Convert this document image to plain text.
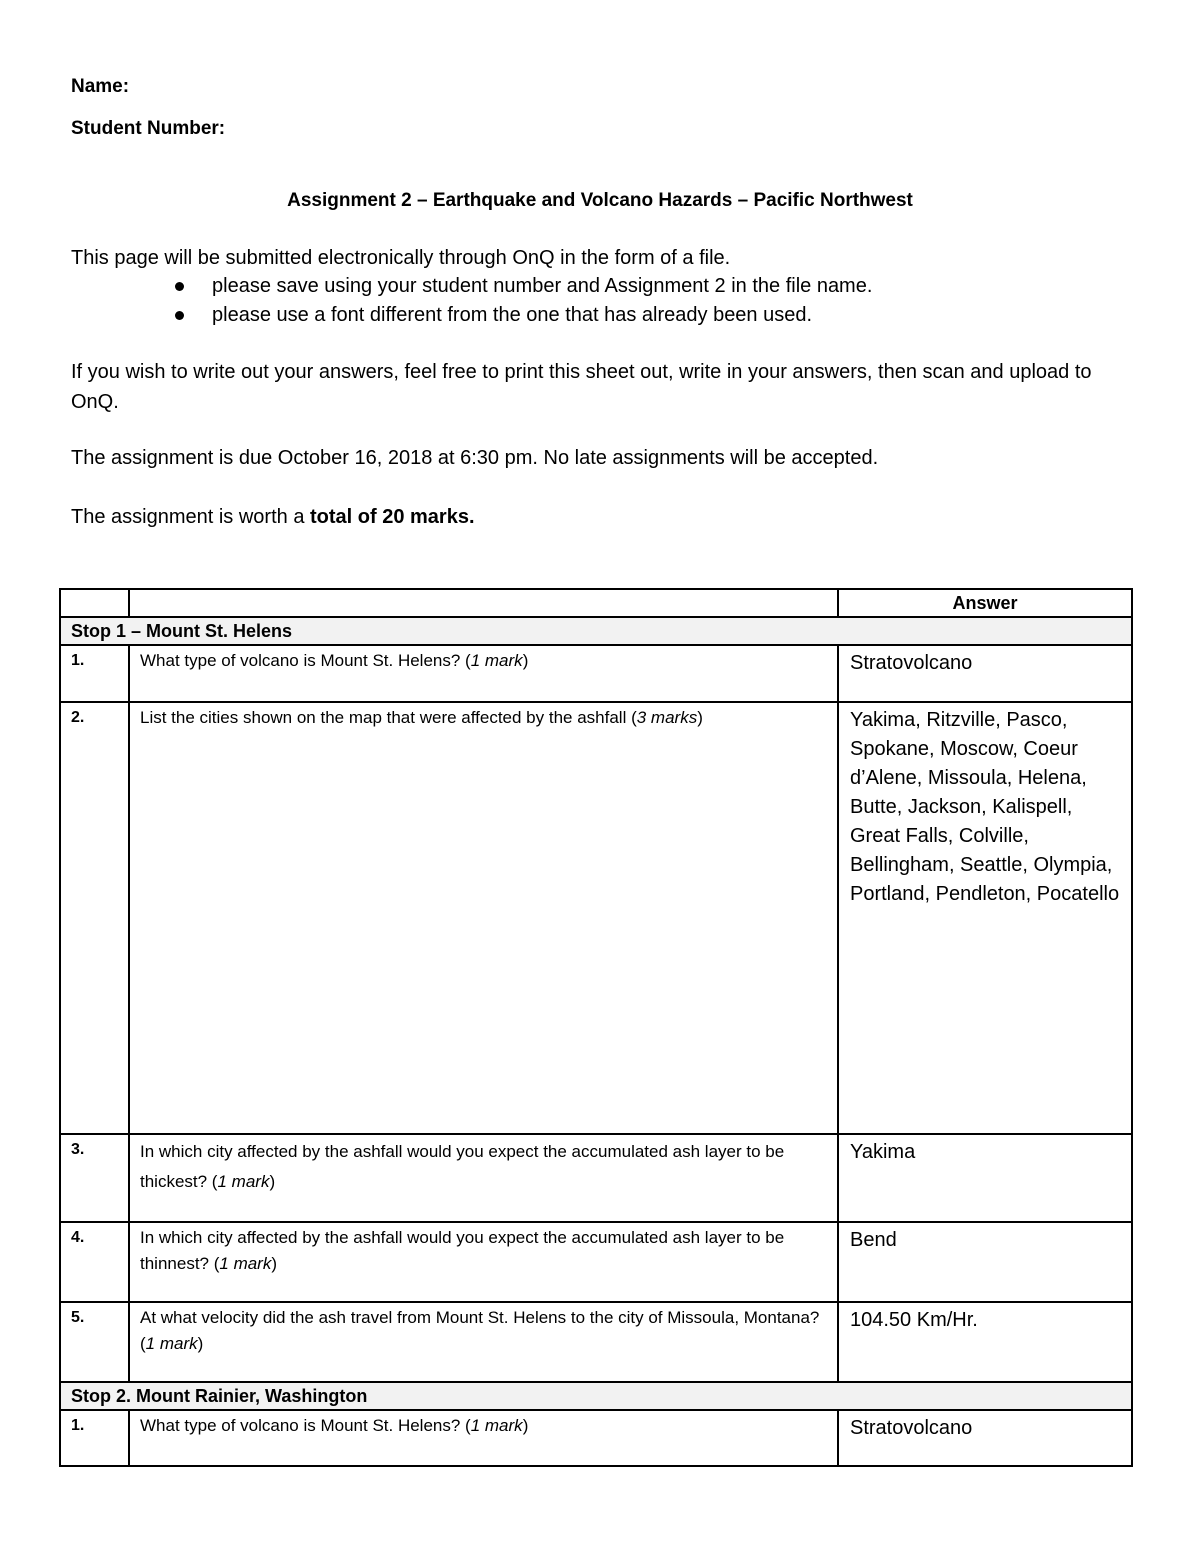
Name:
Student Number:
Assignment 2 – Earthquake and Volcano Hazards – Pacific Northwest
This page will be submitted electronically through OnQ in the form of a file.
please save using your student number and Assignment 2 in the file name.
please use a font different from the one that has already been used.
If you wish to write out your answers, feel free to print this sheet out, write in your answers, then scan and upload to OnQ.
The assignment is due October 16, 2018 at 6:30 pm. No late assignments will be accepted.
The assignment is worth a total of 20 marks.
		Answer
Stop 1 – Mount St. Helens		
1.	What type of volcano is Mount St. Helens? (1 mark)	Stratovolcano
2.	List the cities shown on the map that were affected by the ashfall (3 marks)	Yakima, Ritzville, Pasco, Spokane, Moscow, Coeur d’Alene, Missoula, Helena, Butte, Jackson, Kalispell, Great Falls, Colville, Bellingham, Seattle, Olympia, Portland, Pendleton, Pocatello
3.	In which city affected by the ashfall would you expect the accumulated ash layer to be thickest? (1 mark)	Yakima
4.	In which city affected by the ashfall would you expect the accumulated ash layer to be thinnest? (1 mark)	Bend
5.	At what velocity did the ash travel from Mount St. Helens to the city of Missoula, Montana? (1 mark)	104.50 Km/Hr.
Stop 2. Mount Rainier, Washington		
1.	What type of volcano is Mount St. Helens? (1 mark)	Stratovolcano
